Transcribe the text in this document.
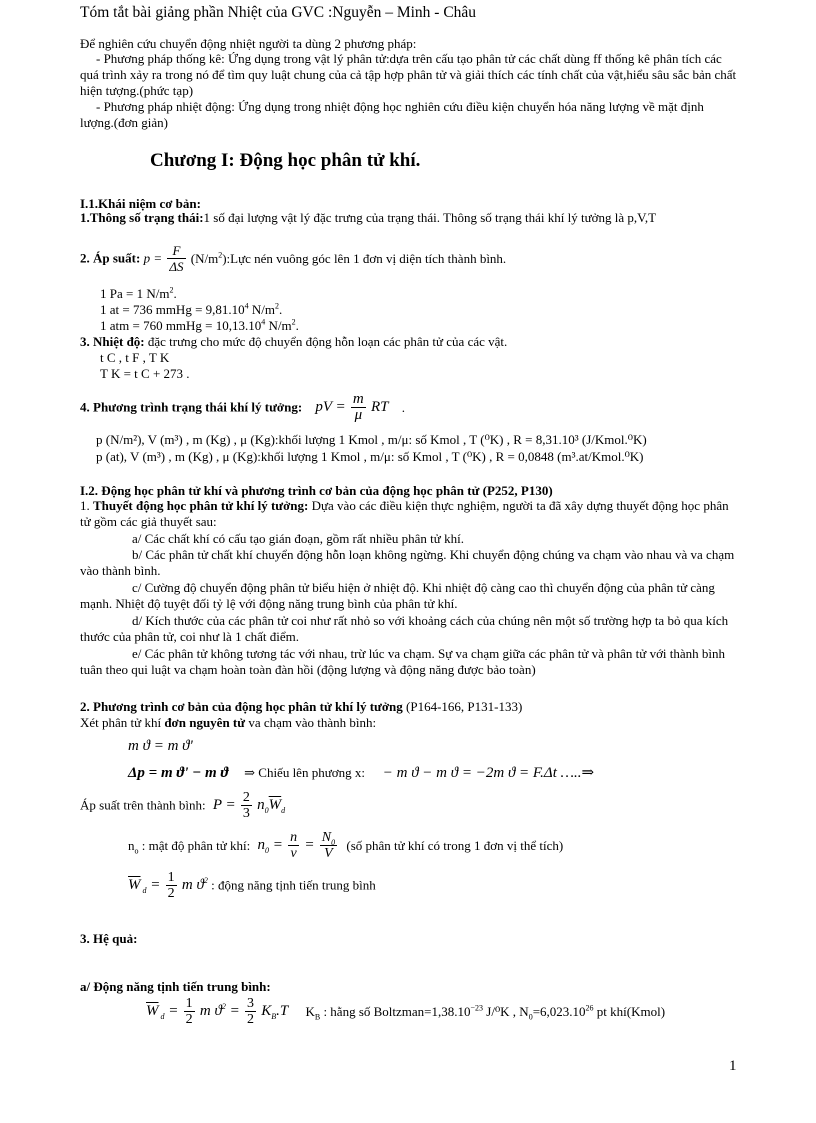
Tóm tắt bài giảng phần Nhiệt của GVC :Nguyễn – Minh - Châu
Để nghiên cứu chuyển động nhiệt người ta dùng 2 phương pháp:
- Phương pháp thống kê: Ứng dụng trong vật lý phân tử:dựa trên cấu tạo phân tử các chất dùng ff thống kê phân tích các quá trình xảy ra trong nó để tìm quy luật chung của cả tập hợp phân tử và giải thích các tính chất của vật,hiểu sâu sắc bản chất hiện tượng.(phức tạp)
- Phương pháp nhiệt động: Ứng dụng trong nhiệt động học nghiên cứu điều kiện chuyển hóa năng lượng về mặt định lượng.(đơn giản)
Chương I: Động học phân tử khí.
I.1.Khái niệm cơ bản:
1.Thông số trạng thái:1 số đại lượng vật lý đặc trưng của trạng thái. Thông số trạng thái khí lý tưởng là p,V,T
2. Áp suất: $p = \frac{F}{\Delta S}$ $(N/m^2):Lực$ nén vuông góc lên 1 đơn vị diện tích thành bình.
1 Pa = 1 $N/m^2$.
1 at = 736 mmHg = $9,81.10^4$ $N/m^2$.
1 atm = 760 mmHg = $10,13.10^4$ $N/m^2$.
3. Nhiệt độ: đặc trưng cho mức độ chuyển động hỗn loạn các phân tử của các vật.
t C , t F , T K
T K = t C + 273 .
4. Phương trình trạng thái khí lý tưởng: pV = $\frac{m}{\mu}$ RT .
p (N/m²), V (m³) , m (Kg) , μ (Kg):khối lượng 1 Kmol , m/μ: số Kmol , T (⁰K) , R = 8,31.10³ (J/Kmol.⁰K)
p (at), V (m³) , m (Kg) , μ (Kg):khối lượng 1 Kmol , m/μ: số Kmol , T (⁰K) , R = 0,0848 (m³.at/Kmol.⁰K)
I.2. Động học phân tử khí và phương trình cơ bản của động học phân tử (P252, P130)
1. Thuyết động học phân tử khí lý tưởng: Dựa vào các điều kiện thực nghiệm, người ta đã xây dựng thuyết động học phân tử gồm các giả thuyết sau:
a/ Các chất khí có cấu tạo gián đoạn, gồm rất nhiều phân tử khí.
b/ Các phân tử chất khí chuyển động hỗn loạn không ngừng. Khi chuyển động chúng va chạm vào nhau và va chạm vào thành bình.
c/ Cường độ chuyển động phân tử biểu hiện ở nhiệt độ. Khi nhiệt độ càng cao thì chuyển động của phân tử càng mạnh. Nhiệt độ tuyệt đối tỷ lệ với động năng trung bình của phân tử khí.
d/ Kích thước của các phân tử coi như rất nhỏ so với khoảng cách của chúng nên một số trường hợp ta bỏ qua kích thước của phân tử, coi như là 1 chất điểm.
e/ Các phân tử không tương tác với nhau, trừ lúc va chạm. Sự va chạm giữa các phân tử và phân tử với thành bình tuân theo qui luật va chạm hoàn toàn đàn hồi (động lượng và động năng được bảo toàn)
2. Phương trình cơ bản của động học phân tử khí lý tưởng (P164-166, P131-133)
Xét phân tử khí đơn nguyên tử va chạm vào thành bình:
m ϑ = m ϑ'
Δp = m ϑ' − m ϑ ⇒ Chiếu lên phương x: − m ϑ − m ϑ = −2m ϑ = F.Δt …..⇒
Áp suất trên thành bình: $P = \frac{2}{3} n_0\overline{W}_d$
$n_o$ : mật độ phân tử khí: $n_0 = \frac{n}{v} = \frac{N_0}{V}$ (số phân tử khí có trong 1 đơn vị thể tích)
$\overline{W}$ $_d = \frac{1}{2}$ m $ϑ^2$ : động năng tịnh tiến trung bình
3. Hệ quả:
a/ Động năng tịnh tiến trung bình:
$\overline{W}$ $_d = \frac{1}{2}$ m $ϑ^2 = \frac{3}{2} K_B.T$ $K_B$ : hằng số $Boltzman=1,38.10^{-23}$ J/⁰K , $N_0=6,023.10^{26}$ pt khí(Kmol)
1
